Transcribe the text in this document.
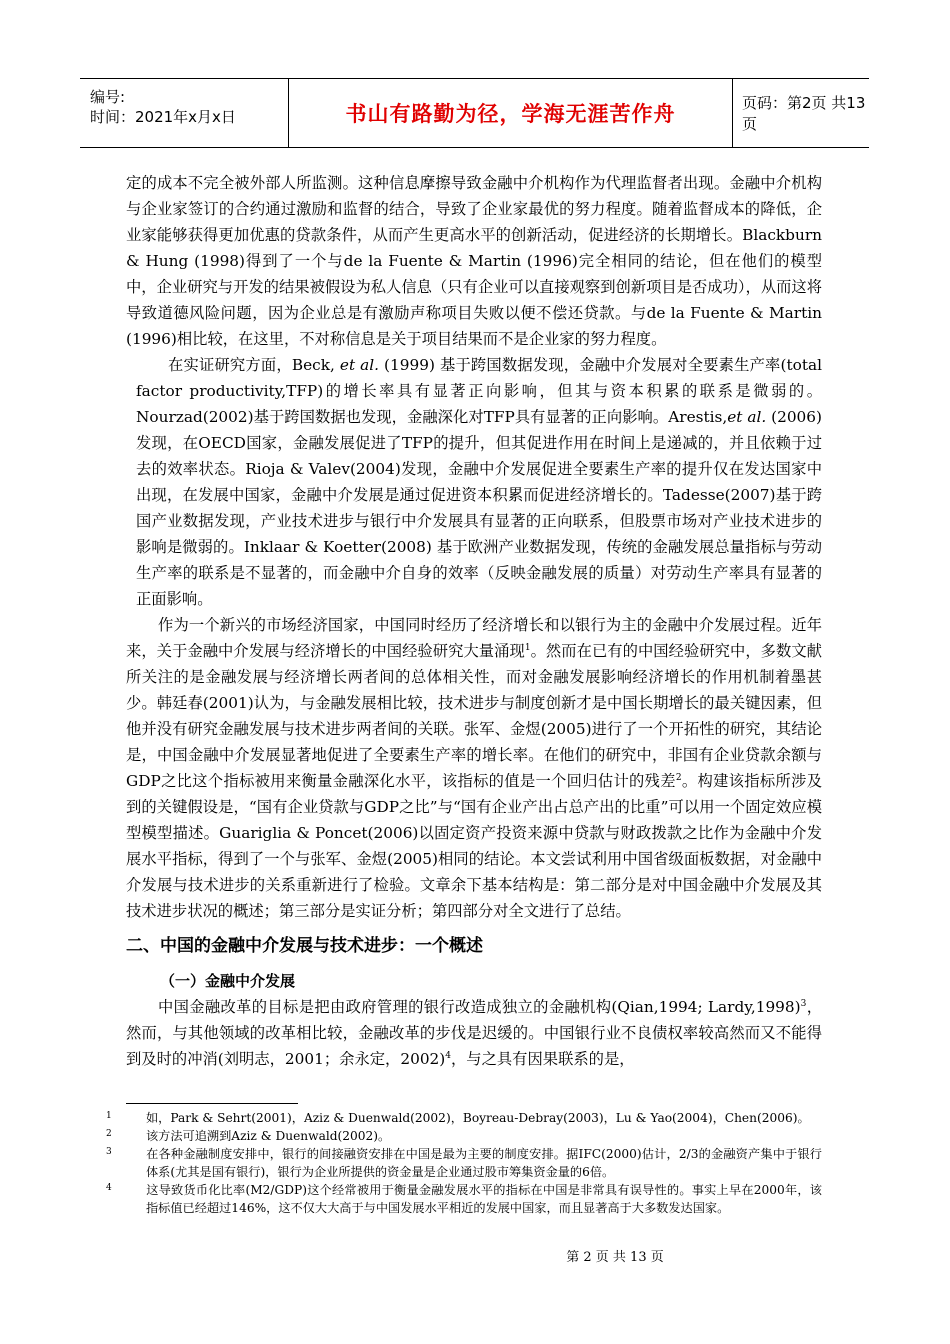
编号:
时间：2021年x月x日	书山有路勤为径，学海无涯苦作舟	页码：第2页 共13页

定的成本不完全被外部人所监测。这种信息摩擦导致金融中介机构作为代理监督者出现。金融中介机构与企业家签订的合约通过激励和监督的结合，导致了企业家最优的努力程度。随着监督成本的降低，企业家能够获得更加优惠的贷款条件，从而产生更高水平的创新活动，促进经济的长期增长。Blackburn & Hung (1998)得到了一个与de la Fuente & Martin (1996)完全相同的结论，但在他们的模型中，企业研究与开发的结果被假设为私人信息（只有企业可以直接观察到创新项目是否成功），从而这将导致道德风险问题，因为企业总是有激励声称项目失败以便不偿还贷款。与de la Fuente & Martin (1996)相比较，在这里，不对称信息是关于项目结果而不是企业家的努力程度。

在实证研究方面，Beck, et al. (1999) 基于跨国数据发现，金融中介发展对全要素生产率(total factor productivity,TFP)的增长率具有显著正向影响，但其与资本积累的联系是微弱的。Nourzad(2002)基于跨国数据也发现，金融深化对TFP具有显著的正向影响。Arestis,et al. (2006)发现，在OECD国家，金融发展促进了TFP的提升，但其促进作用在时间上是递减的，并且依赖于过去的效率状态。Rioja & Valev(2004)发现，金融中介发展促进全要素生产率的提升仅在发达国家中出现，在发展中国家，金融中介发展是通过促进资本积累而促进经济增长的。Tadesse(2007)基于跨国产业数据发现，产业技术进步与银行中介发展具有显著的正向联系，但股票市场对产业技术进步的影响是微弱的。Inklaar & Koetter(2008) 基于欧洲产业数据发现，传统的金融发展总量指标与劳动生产率的联系是不显著的，而金融中介自身的效率（反映金融发展的质量）对劳动生产率具有显著的正面影响。

作为一个新兴的市场经济国家，中国同时经历了经济增长和以银行为主的金融中介发展过程。近年来，关于金融中介发展与经济增长的中国经验研究大量涌现$^1$。然而在已有的中国经验研究中，多数文献所关注的是金融发展与经济增长两者间的总体相关性，而对金融发展影响经济增长的作用机制着墨甚少。韩廷春(2001)认为，与金融发展相比较，技术进步与制度创新才是中国长期增长的最关键因素，但他并没有研究金融发展与技术进步两者间的关联。张军、金煜(2005)进行了一个开拓性的研究，其结论是，中国金融中介发展显著地促进了全要素生产率的增长率。在他们的研究中，非国有企业贷款余额与GDP之比这个指标被用来衡量金融深化水平，该指标的值是一个回归估计的残差$^2$。构建该指标所涉及到的关键假设是，“国有企业贷款与GDP之比”与“国有企业产出占总产出的比重”可以用一个固定效应模型模型描述。Guariglia & Poncet(2006)以固定资产投资来源中贷款与财政拨款之比作为金融中介发展水平指标，得到了一个与张军、金煜(2005)相同的结论。本文尝试利用中国省级面板数据，对金融中介发展与技术进步的关系重新进行了检验。文章余下基本结构是：第二部分是对中国金融中介发展及其技术进步状况的概述；第三部分是实证分析；第四部分对全文进行了总结。

二、中国的金融中介发展与技术进步：一个概述
（一）金融中介发展

中国金融改革的目标是把由政府管理的银行改造成独立的金融机构(Qian,1994; Lardy,1998)$^3$，然而，与其他领域的改革相比较，金融改革的步伐是迟缓的。中国银行业不良债权率较高然而又不能得到及时的冲消(刘明志，2001；余永定，2002)$^4$，与之具有因果联系的是，

1	如，Park & Sehrt(2001)，Aziz & Duenwald(2002)，Boyreau-Debray(2003)，Lu & Yao(2004)，Chen(2006)。

2	该方法可追溯到Aziz & Duenwald(2002)。

3	在各种金融制度安排中，银行的间接融资安排在中国是最为主要的制度安排。据IFC(2000)估计，2/3的金融资产集中于银行体系(尤其是国有银行)，银行为企业所提供的资金量是企业通过股市筹集资金量的6倍。

4	这导致货币化比率(M2/GDP)这个经常被用于衡量金融发展水平的指标在中国是非常具有误导性的。事实上早在2000年，该指标值已经超过146%，这不仅大大高于与中国发展水平相近的发展中国家，而且显著高于大多数发达国家。

第 2 页 共 13 页
